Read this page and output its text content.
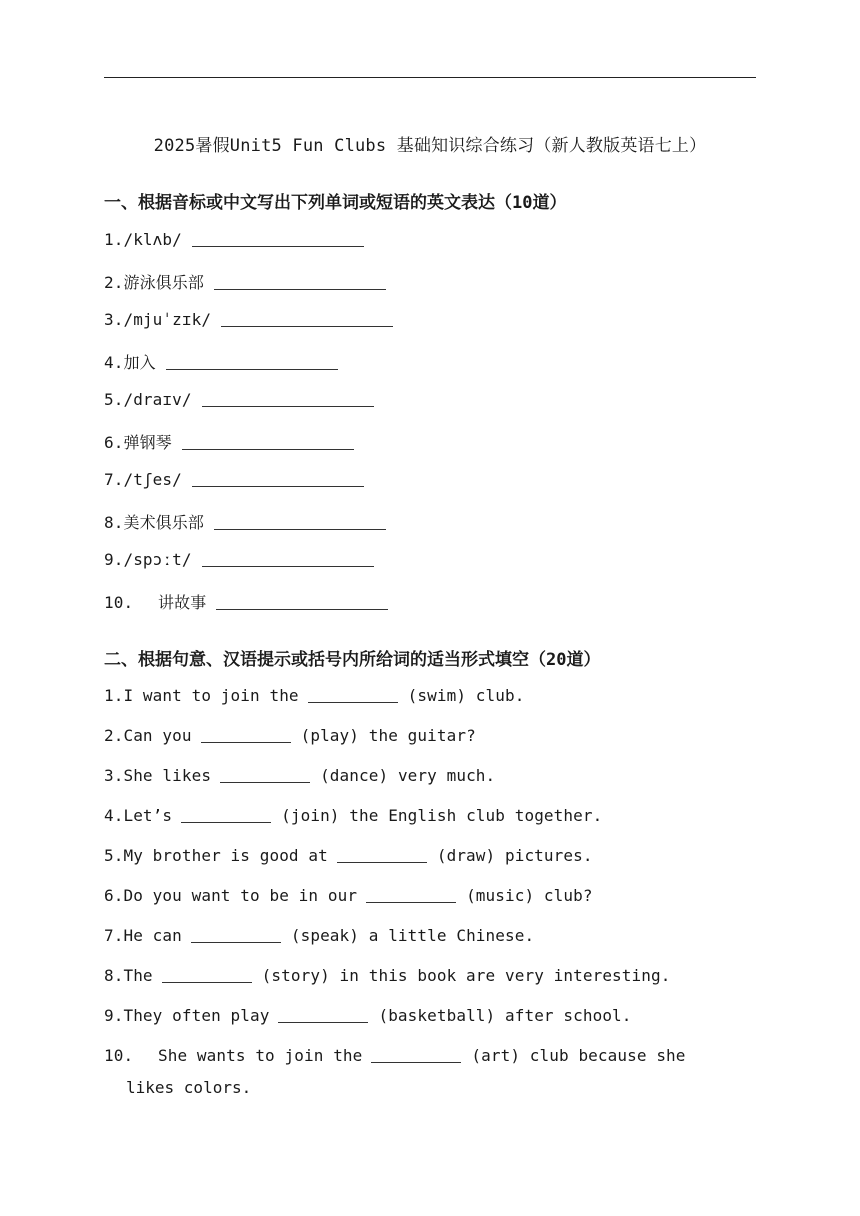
2025暑假Unit5 Fun Clubs 基础知识综合练习（新人教版英语七上）
一、根据音标或中文写出下列单词或短语的英文表达（10道）
1./klʌb/
2.游泳俱乐部
3./mjuˈzɪk/
4.加入
5./draɪv/
6.弹钢琴
7./tʃes/
8.美术俱乐部
9./spɔːt/
10. 讲故事
二、根据句意、汉语提示或括号内所给词的适当形式填空（20道）
1.I want to join the	(swim) club.
2.Can you	(play) the guitar?
3.She likes	(dance) very much.
4.Let’s	(join) the English club together.
5.My brother is good at	(draw) pictures.
6.Do you want to be in our	(music) club?
7.He can	(speak) a little Chinese.
8.The	(story) in this book are very interesting.
9.They often play	(basketball) after school.
10. She wants to join the	(art) club because she
likes colors.
